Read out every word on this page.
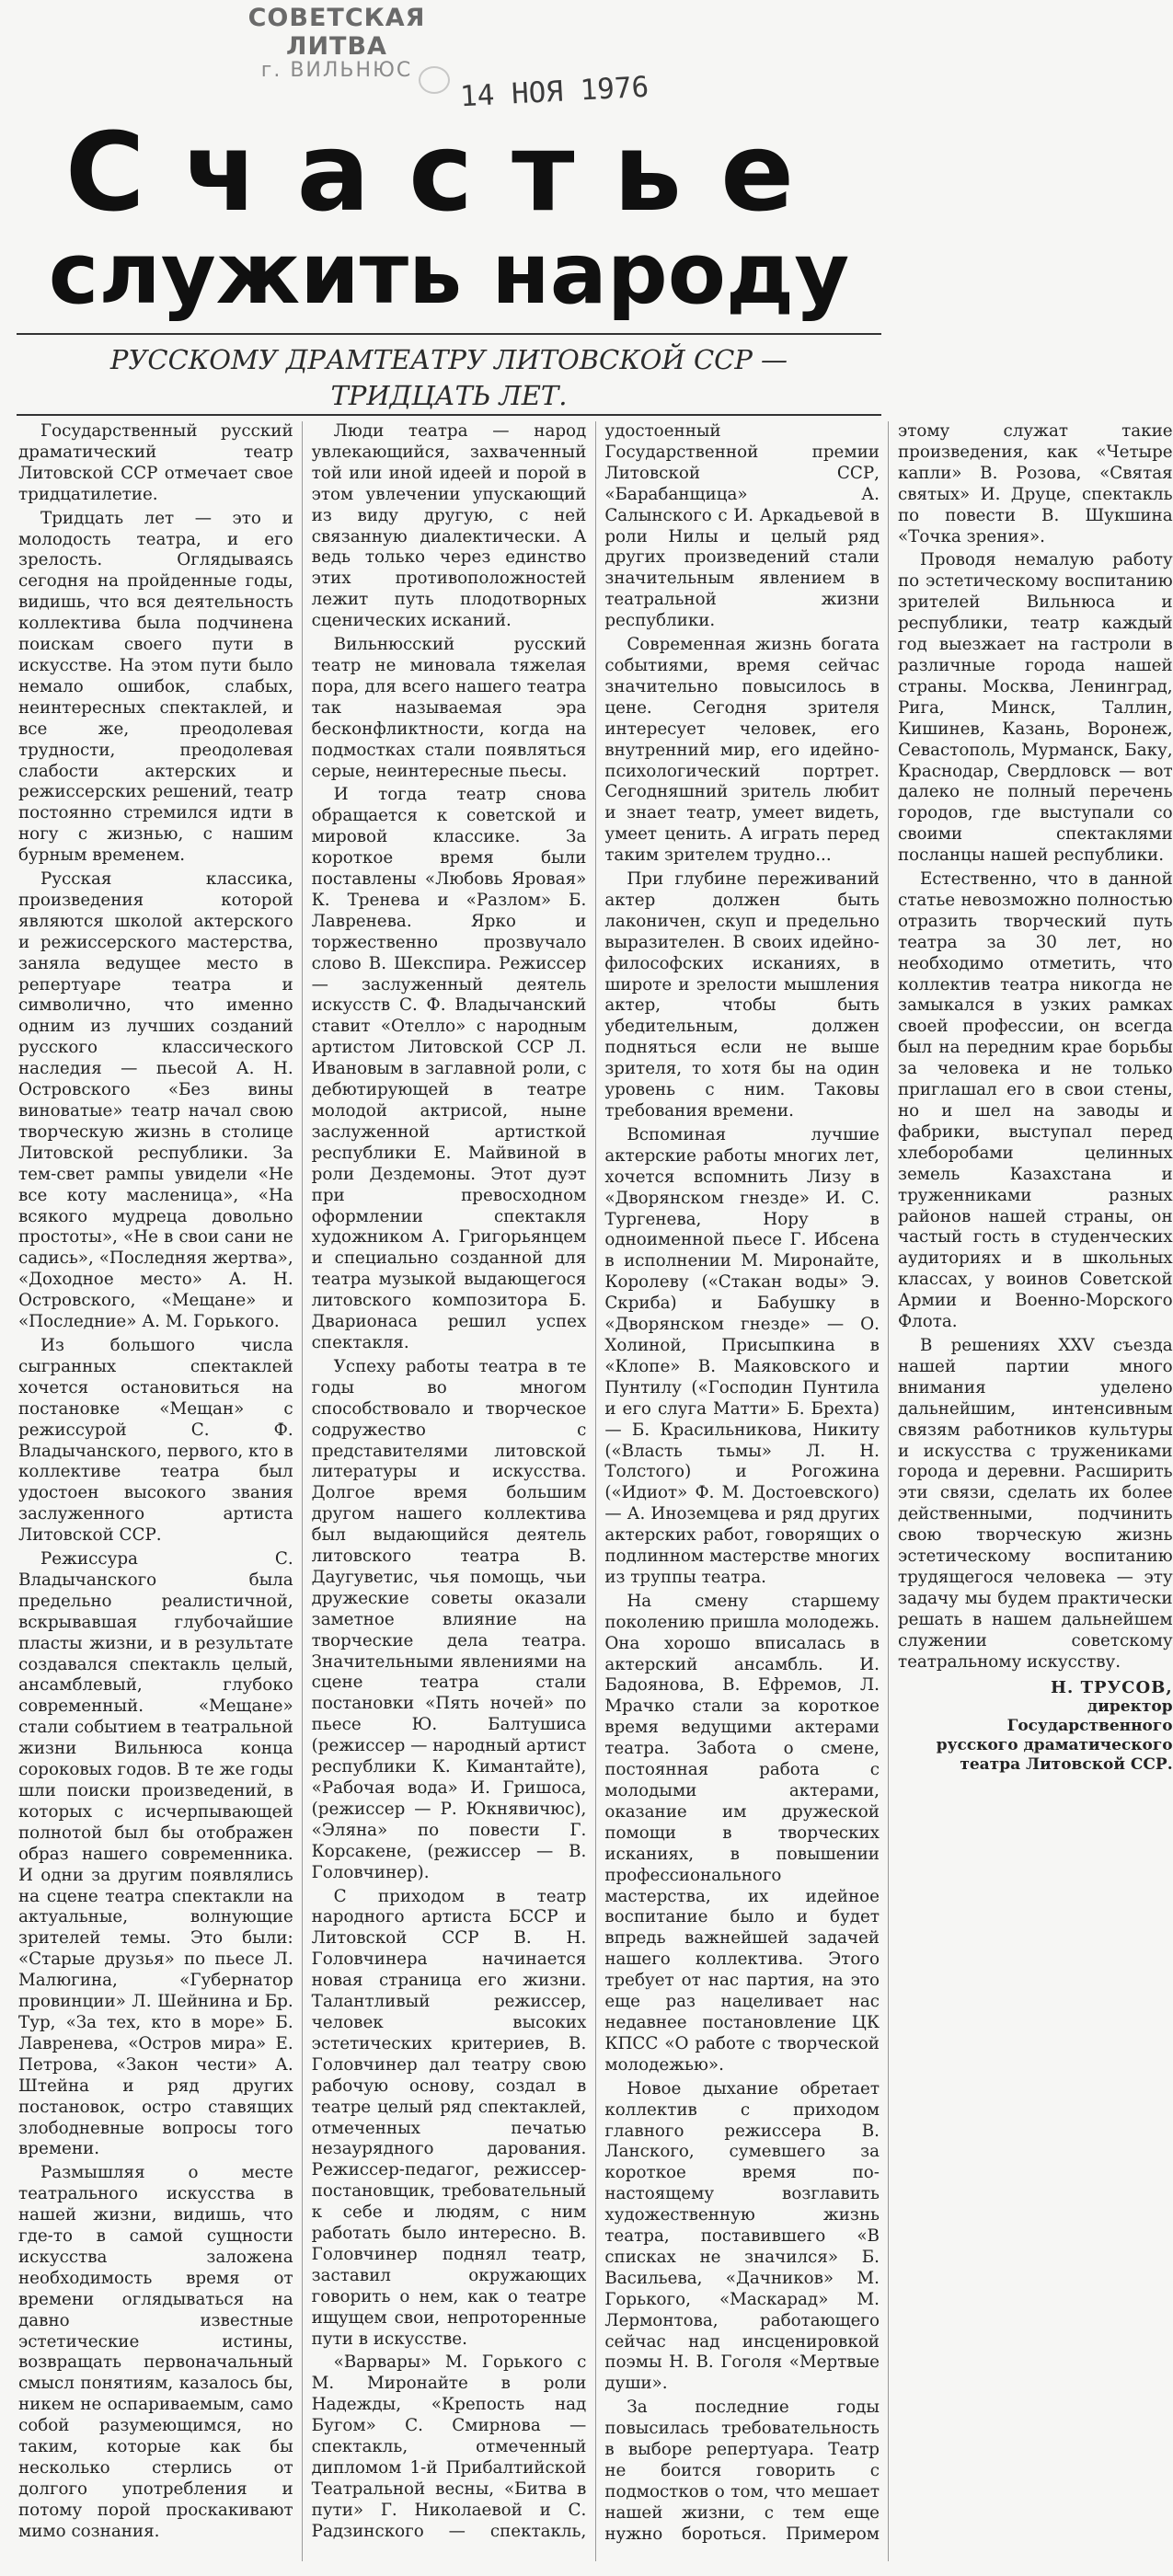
СОВЕТСКАЯ ЛИТВА
г. ВИЛЬНЮС
14 НОЯ 1976
Счастье
служить народу
РУССКОМУ ДРАМТЕАТРУ ЛИТОВСКОЙ ССР —
ТРИДЦАТЬ ЛЕТ.

Государственный русский драматический театр Литовской ССР отмечает свое тридцатилетие.

Тридцать лет — это и молодость театра, и его зрелость. Оглядываясь сегодня на пройденные годы, видишь, что вся деятельность коллектива была подчинена поискам своего пути в искусстве. На этом пути было немало ошибок, слабых, неинтересных спектаклей, и все же, преодолевая трудности, преодолевая слабости актерских и режиссерских решений, театр постоянно стремился идти в ногу с жизнью, с нашим бурным временем.

Русская классика, произведения которой являются школой актерского и режиссерского мастерства, заняла ведущее место в репертуаре театра и символично, что именно одним из лучших созданий русского классического наследия — пьесой А. Н. Островского «Без вины виноватые» театр начал свою творческую жизнь в столице Литовской республики. За тем-свет рампы увидели «Не все коту масленица», «На всякого мудреца довольно простоты», «Не в свои сани не садись», «Последняя жертва», «Доходное место» А. Н. Островского, «Мещане» и «Последние» А. М. Горького.

Из большого числа сыгранных спектаклей хочется остановиться на постановке «Мещан» с режиссурой С. Ф. Владычанского, первого, кто в коллективе театра был удостоен высокого звания заслуженного артиста Литовской ССР.

Режиссура С. Владычанского была предельно реалистичной, вскрывавшая глубочайшие пласты жизни, и в результате создавался спектакль целый, ансамблевый, глубоко современный. «Мещане» стали событием в театральной жизни Вильнюса конца сороковых годов. В те же годы шли поиски произведений, в которых с исчерпывающей полнотой был бы отображен образ нашего современника. И одни за другим появлялись на сцене театра спектакли на актуальные, волнующие зрителей темы. Это были: «Старые друзья» по пьесе Л. Малюгина, «Губернатор провинции» Л. Шейнина и Бр. Тур, «За тех, кто в море» Б. Лавренева, «Остров мира» Е. Петрова, «Закон чести» А. Штейна и ряд других постановок, остро ставящих злободневные вопросы того времени.

Размышляя о месте театрального искусства в нашей жизни, видишь, что где-то в самой сущности искусства заложена необходимость время от времени оглядываться на давно известные эстетические истины, возвращать первоначальный смысл понятиям, казалось бы, никем не оспариваемым, само собой разумеющимся, но таким, которые как бы несколько стерлись от долгого употребления и потому порой проскакивают мимо сознания.

Люди театра — народ увлекающийся, захваченный той или иной идеей и порой в этом увлечении упускающий из виду другую, с ней связанную диалектически. А ведь только через единство этих противоположностей лежит путь плодотворных сценических исканий.

Вильнюсский русский театр не миновала тяжелая пора, для всего нашего театра так называемая эра бесконфликтности, когда на подмостках стали появляться серые, неинтересные пьесы.

И тогда театр снова обращается к советской и мировой классике. За короткое время были поставлены «Любовь Яровая» К. Тренева и «Разлом» Б. Лавренева. Ярко и торжественно прозвучало слово В. Шекспира. Режиссер — заслуженный деятель искусств С. Ф. Владычанский ставит «Отелло» с народным артистом Литовской ССР Л. Ивановым в заглавной роли, с дебютирующей в театре молодой актрисой, ныне заслуженной артисткой республики Е. Майвиной в роли Дездемоны. Этот дуэт при превосходном оформлении спектакля художником А. Григорьянцем и специально созданной для театра музыкой выдающегося литовского композитора Б. Дварионаса решил успех спектакля.

Успеху работы театра в те годы во многом способствовало и творческое содружество с представителями литовской литературы и искусства. Долгое время большим другом нашего коллектива был выдающийся деятель литовского театра В. Даугуветис, чья помощь, чьи дружеские советы оказали заметное влияние на творческие дела театра. Значительными явлениями на сцене театра стали постановки «Пять ночей» по пьесе Ю. Балтушиса (режиссер — народный артист республики К. Кимантайте), «Рабочая вода» И. Гришоса, (режиссер — Р. Юкнявичюс), «Эляна» по повести Г. Корсакене, (режиссер — В. Головчинер).

С приходом в театр народного артиста БССР и Литовской ССР В. Н. Головчинера начинается новая страница его жизни. Талантливый режиссер, человек высоких эстетических критериев, В. Головчинер дал театру свою рабочую основу, создал в театре целый ряд спектаклей, отмеченных печатью незаурядного дарования. Режиссер-педагог, режиссер-постановщик, требовательный к себе и людям, с ним работать было интересно. В. Головчинер поднял театр, заставил окружающих говорить о нем, как о театре ищущем свои, непроторенные пути в искусстве.

«Варвары» М. Горького с М. Миронайте в роли Надежды, «Крепость над Бугом» С. Смирнова — спектакль, отмеченный дипломом 1-й Прибалтийской Театральной весны, «Битва в пути» Г. Николаевой и С. Радзинского — спектакль, удостоенный Государственной премии Литовской ССР, «Барабанщица» А. Салынского с И. Аркадьевой в роли Нилы и целый ряд других произведений стали значительным явлением в театральной жизни республики.

Современная жизнь богата событиями, время сейчас значительно повысилось в цене. Сегодня зрителя интересует человек, его внутренний мир, его идейно-психологический портрет. Сегодняшний зритель любит и знает театр, умеет видеть, умеет ценить. А играть перед таким зрителем трудно...

При глубине переживаний актер должен быть лаконичен, скуп и предельно выразителен. В своих идейно-философских исканиях, в широте и зрелости мышления актер, чтобы быть убедительным, должен подняться если не выше зрителя, то хотя бы на один уровень с ним. Таковы требования времени.

Вспоминая лучшие актерские работы многих лет, хочется вспомнить Лизу в «Дворянском гнезде» И. С. Тургенева, Нору в одноименной пьесе Г. Ибсена в исполнении М. Миронайте, Королеву («Стакан воды» Э. Скриба) и Бабушку в «Дворянском гнезде» — О. Холиной, Присыпкина в «Клопе» В. Маяковского и Пунтилу («Господин Пунтила и его слуга Матти» Б. Брехта) — Б. Красильникова, Никиту («Власть тьмы» Л. Н. Толстого) и Рогожина («Идиот» Ф. М. Достоевского) — А. Иноземцева и ряд других актерских работ, говорящих о подлинном мастерстве многих из труппы театра.

На смену старшему поколению пришла молодежь. Она хорошо вписалась в актерский ансамбль. И. Бадоянова, В. Ефремов, Л. Мрачко стали за короткое время ведущими актерами театра. Забота о смене, постоянная работа с молодыми актерами, оказание им дружеской помощи в творческих исканиях, в повышении профессионального мастерства, их идейное воспитание было и будет впредь важнейшей задачей нашего коллектива. Этого требует от нас партия, на это еще раз нацеливает нас недавнее постановление ЦК КПСС «О работе с творческой молодежью».

Новое дыхание обретает коллектив с приходом главного режиссера В. Ланского, сумевшего за короткое время по-настоящему возглавить художественную жизнь театра, поставившего «В списках не значился» Б. Васильева, «Дачников» М. Горького, «Маскарад» М. Лермонтова, работающего сейчас над инсценировкой поэмы Н. В. Гоголя «Мертвые души».

За последние годы повысилась требовательность в выборе репертуара. Театр не боится говорить с подмостков о том, что мешает нашей жизни, с тем еще нужно бороться. Примером этому служат такие произведения, как «Четыре капли» В. Розова, «Святая святых» И. Друце, спектакль по повести В. Шукшина «Точка зрения».

Проводя немалую работу по эстетическому воспитанию зрителей Вильнюса и республики, театр каждый год выезжает на гастроли в различные города нашей страны. Москва, Ленинград, Рига, Минск, Таллин, Кишинев, Казань, Воронеж, Севастополь, Мурманск, Баку, Краснодар, Свердловск — вот далеко не полный перечень городов, где выступали со своими спектаклями посланцы нашей республики.

Естественно, что в данной статье невозможно полностью отразить творческий путь театра за 30 лет, но необходимо отметить, что коллектив театра никогда не замыкался в узких рамках своей профессии, он всегда был на передним крае борьбы за человека и не только приглашал его в свои стены, но и шел на заводы и фабрики, выступал перед хлеборобами целинных земель Казахстана и труженниками разных районов нашей страны, он частый гость в студенческих аудиториях и в школьных классах, у воинов Советской Армии и Военно-Морского Флота.

В решениях XXV съезда нашей партии много внимания уделено дальнейшим, интенсивным связям работников культуры и искусства с тружениками города и деревни. Расширить эти связи, сделать их более действенными, подчинить свою творческую жизнь эстетическому воспитанию трудящегося человека — эту задачу мы будем практически решать в нашем дальнейшем служении советскому театральному искусству.

Н. ТРУСОВ,
директор
Государственного
русского драматического
театра Литовской ССР.
